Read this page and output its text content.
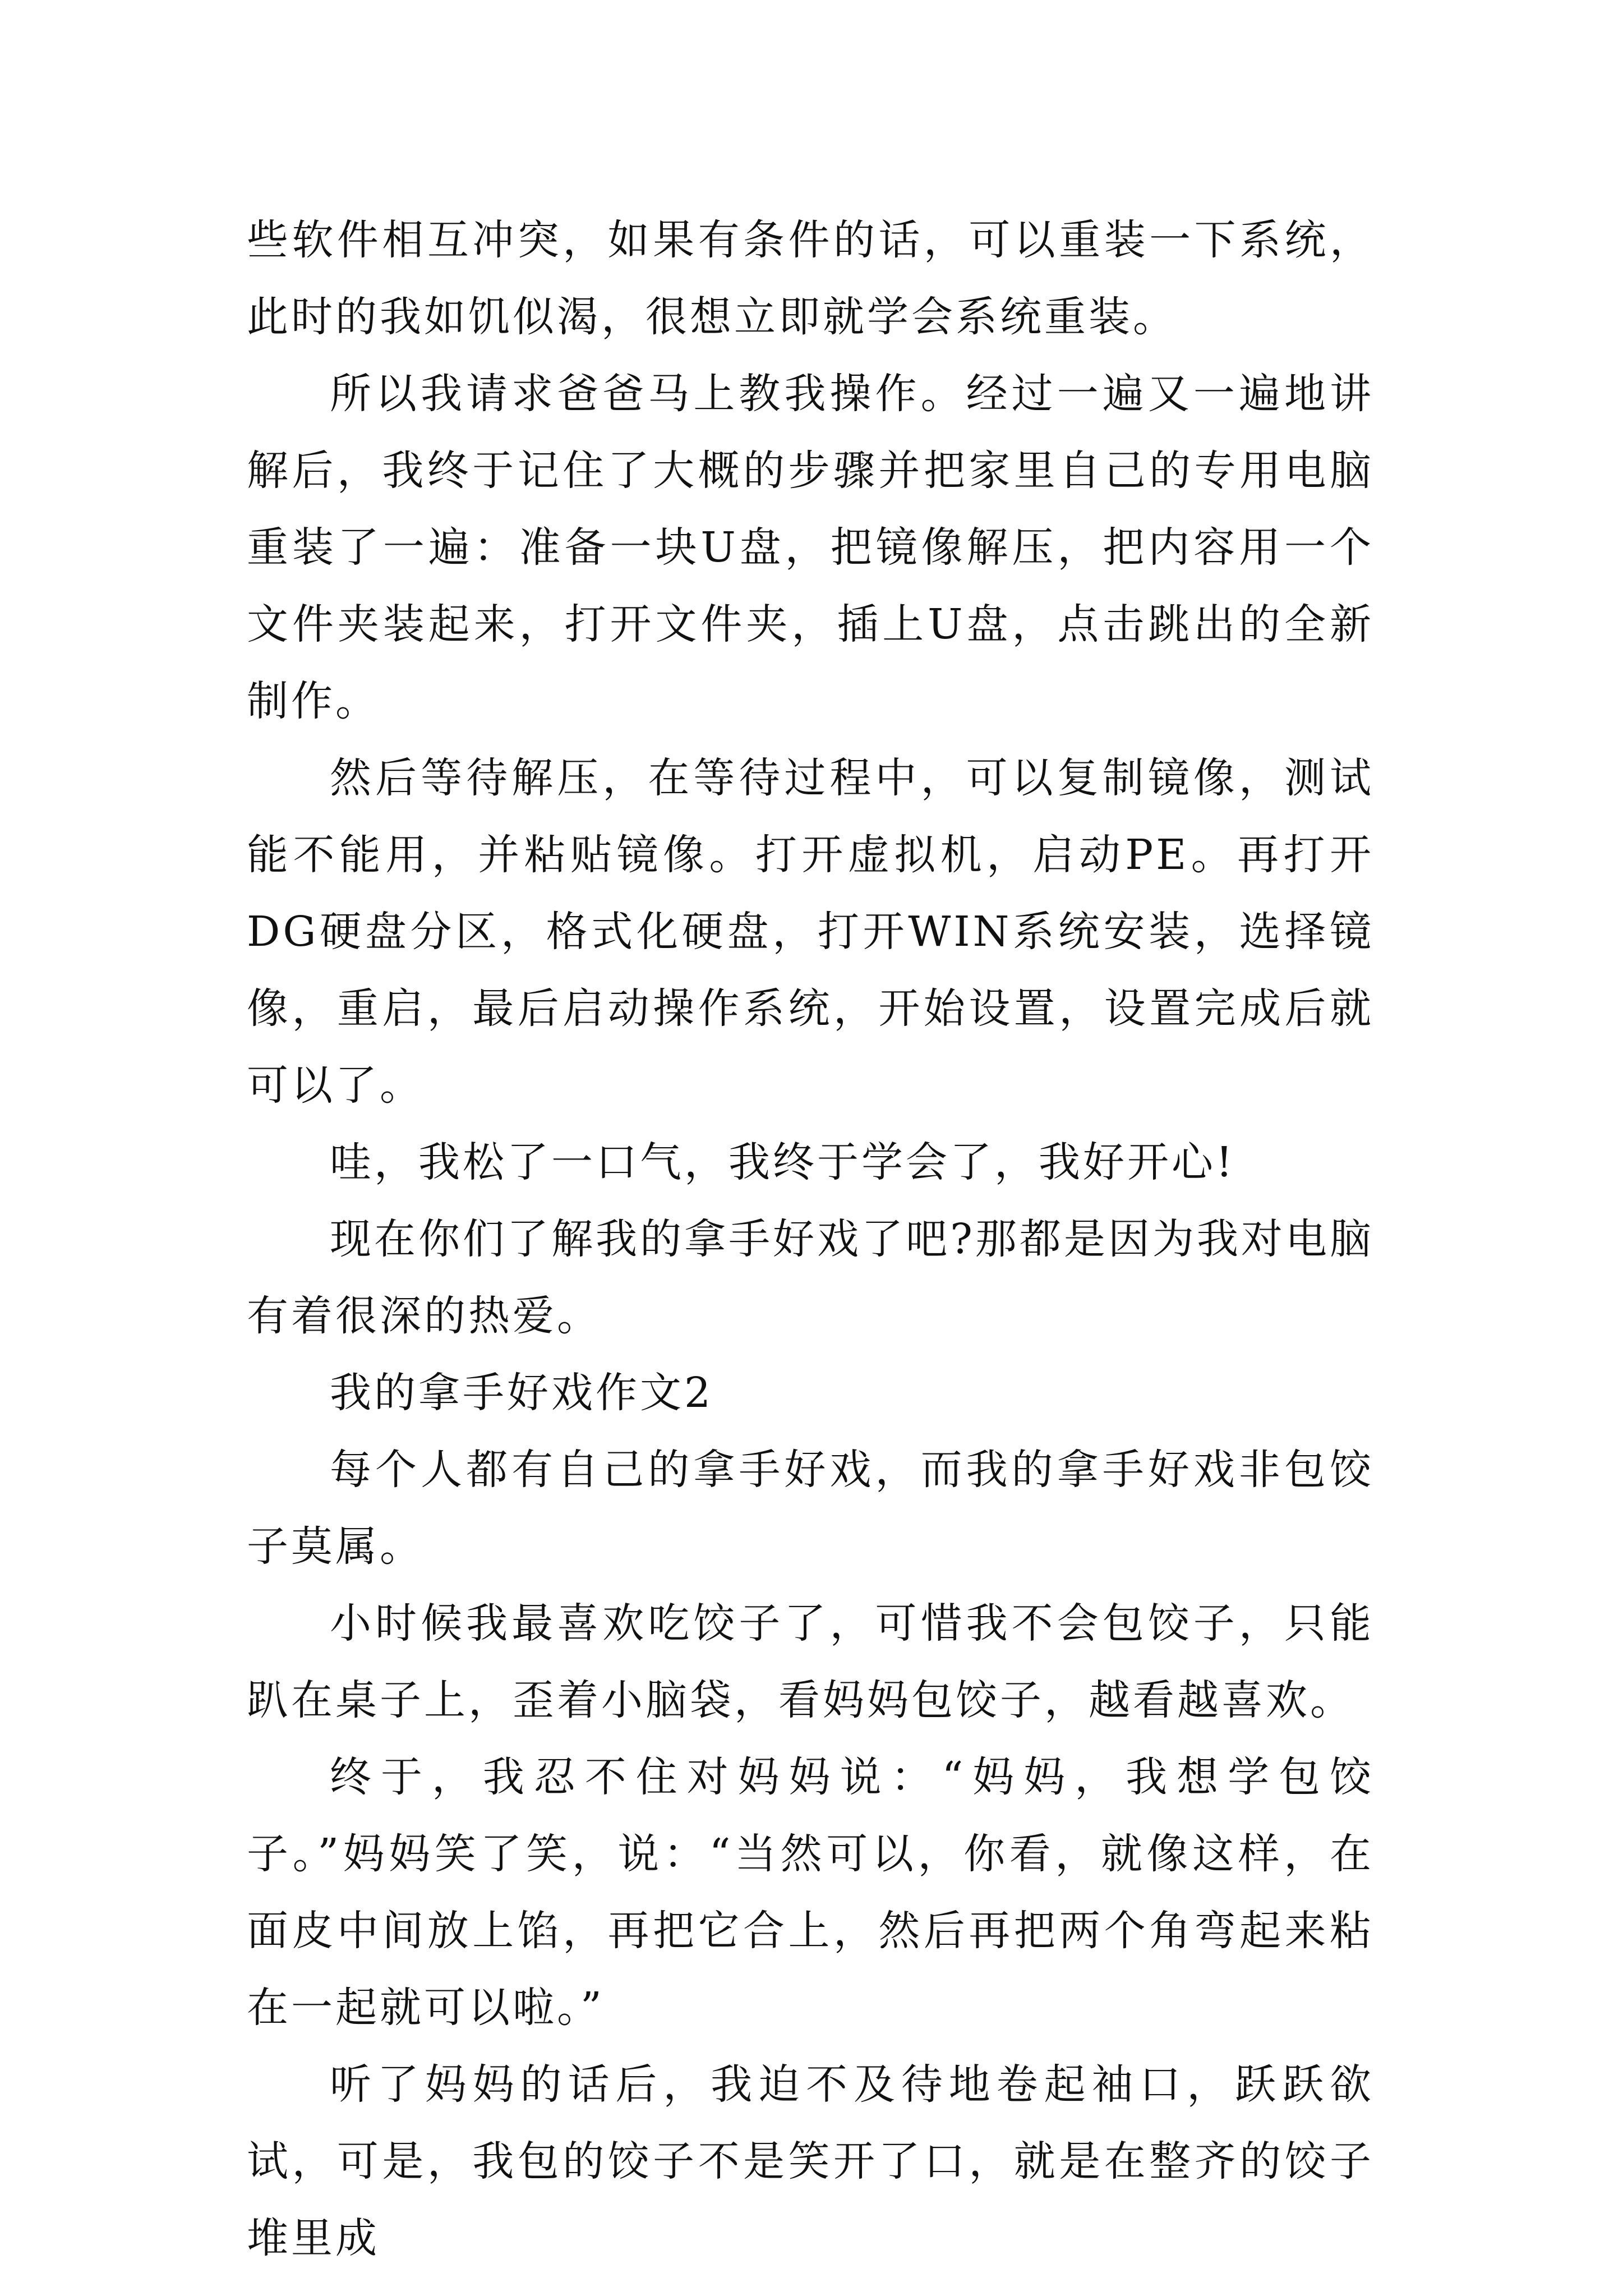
些软件相互冲突，如果有条件的话，可以重装一下系统，此时的我如饥似渴，很想立即就学会系统重装。

所以我请求爸爸马上教我操作。经过一遍又一遍地讲解后，我终于记住了大概的步骤并把家里自己的专用电脑重装了一遍：准备一块U盘，把镜像解压，把内容用一个文件夹装起来，打开文件夹，插上U盘，点击跳出的全新制作。

然后等待解压，在等待过程中，可以复制镜像，测试能不能用，并粘贴镜像。打开虚拟机，启动PE。再打开DG硬盘分区，格式化硬盘，打开WIN系统安装，选择镜像，重启，最后启动操作系统，开始设置，设置完成后就可以了。

哇，我松了一口气，我终于学会了，我好开心!

现在你们了解我的拿手好戏了吧?那都是因为我对电脑有着很深的热爱。

我的拿手好戏作文2

每个人都有自己的拿手好戏，而我的拿手好戏非包饺子莫属。

小时候我最喜欢吃饺子了，可惜我不会包饺子，只能趴在桌子上，歪着小脑袋，看妈妈包饺子，越看越喜欢。

终于，我忍不住对妈妈说：“妈妈，我想学包饺子。”妈妈笑了笑，说：“当然可以，你看，就像这样，在面皮中间放上馅，再把它合上，然后再把两个角弯起来粘在一起就可以啦。”

听了妈妈的话后，我迫不及待地卷起袖口，跃跃欲试，可是，我包的饺子不是笑开了口，就是在整齐的饺子堆里成
